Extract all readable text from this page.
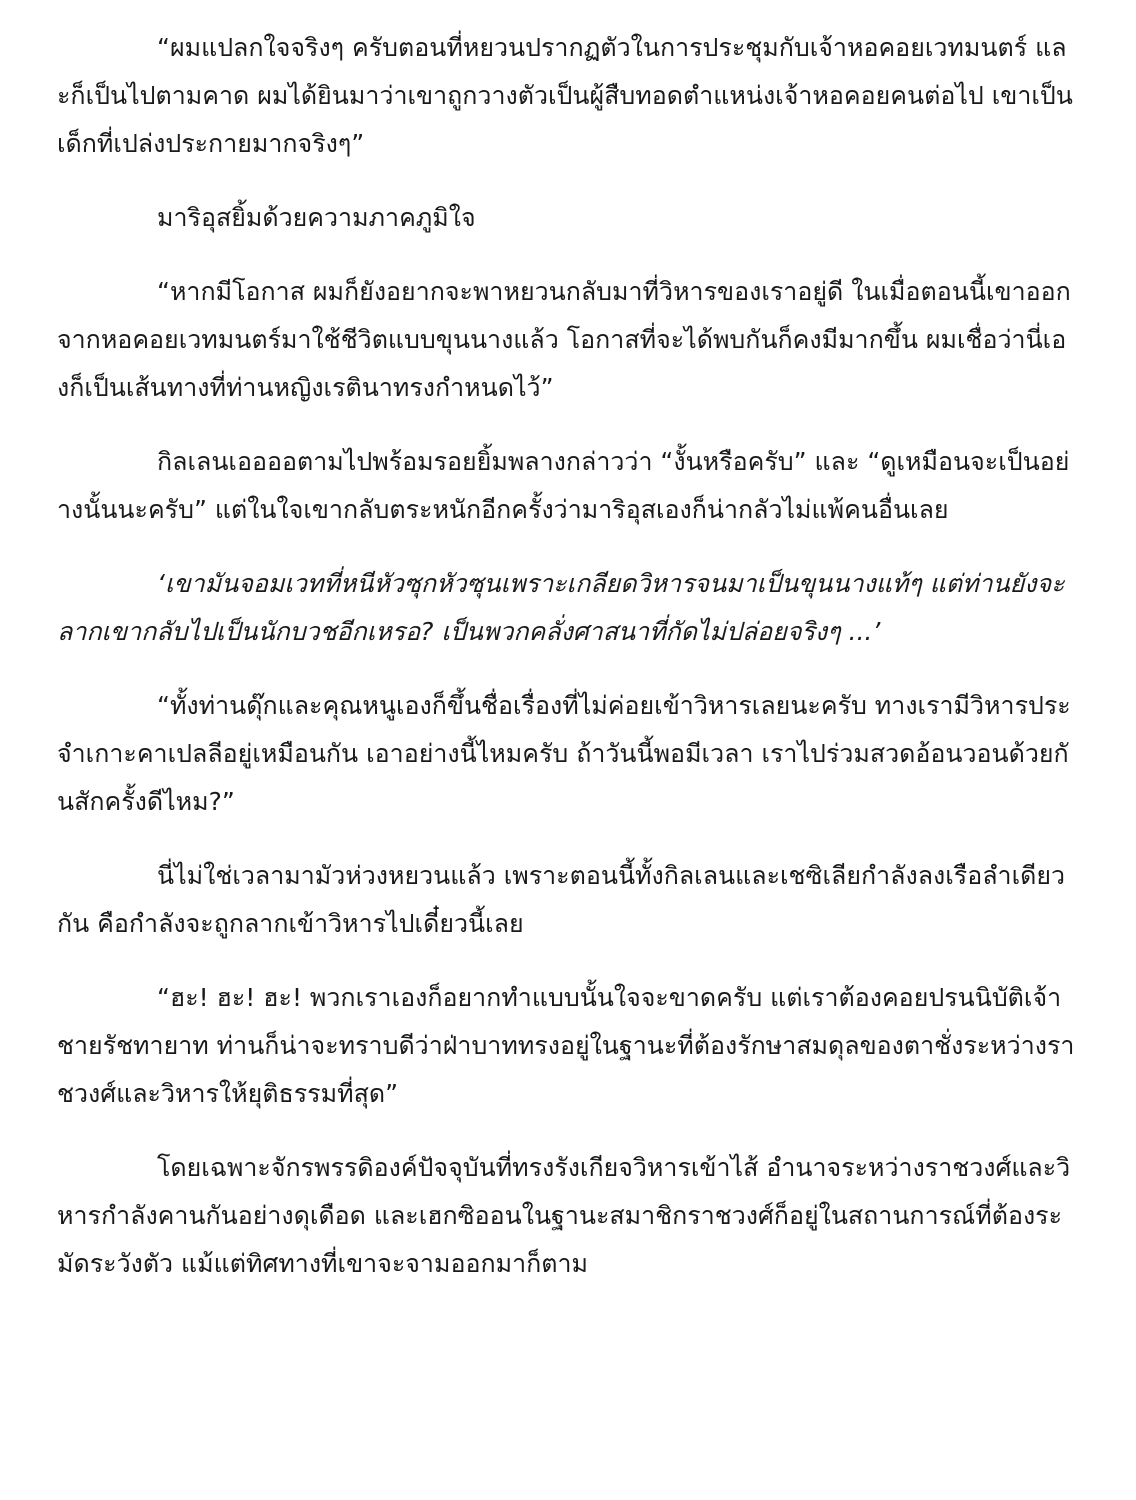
“ผมแปลกใจจริงๆ ครับตอนที่หยวนปรากฏตัวในการประชุมกับเจ้าหอคอยเวทมนตร์ และก็เป็นไปตามคาด ผมได้ยินมาว่าเขาถูกวางตัวเป็นผู้สืบทอดตำแหน่งเจ้าหอคอยคนต่อไป เขาเป็นเด็กที่เปล่งประกายมากจริงๆ”

มาริอุสยิ้มด้วยความภาคภูมิใจ

“หากมีโอกาส ผมก็ยังอยากจะพาหยวนกลับมาที่วิหารของเราอยู่ดี ในเมื่อตอนนี้เขาออกจากหอคอยเวทมนตร์มาใช้ชีวิตแบบขุนนางแล้ว โอกาสที่จะได้พบกันก็คงมีมากขึ้น ผมเชื่อว่านี่เองก็เป็นเส้นทางที่ท่านหญิงเรตินาทรงกำหนดไว้”

กิลเลนเออออตามไปพร้อมรอยยิ้มพลางกล่าวว่า “งั้นหรือครับ” และ “ดูเหมือนจะเป็นอย่างนั้นนะครับ” แต่ในใจเขากลับตระหนักอีกครั้งว่ามาริอุสเองก็น่ากลัวไม่แพ้คนอื่นเลย

‘เขามันจอมเวทที่หนีหัวซุกหัวซุนเพราะเกลียดวิหารจนมาเป็นขุนนางแท้ๆ แต่ท่านยังจะลากเขากลับไปเป็นนักบวชอีกเหรอ? เป็นพวกคลั่งศาสนาที่กัดไม่ปล่อยจริงๆ ...’

“ทั้งท่านดุ๊กและคุณหนูเองก็ขึ้นชื่อเรื่องที่ไม่ค่อยเข้าวิหารเลยนะครับ ทางเรามีวิหารประจำเกาะคาเปลลีอยู่เหมือนกัน เอาอย่างนี้ไหมครับ ถ้าวันนี้พอมีเวลา เราไปร่วมสวดอ้อนวอนด้วยกันสักครั้งดีไหม?”

นี่ไม่ใช่เวลามามัวห่วงหยวนแล้ว เพราะตอนนี้ทั้งกิลเลนและเชซิเลียกำลังลงเรือลำเดียวกัน คือกำลังจะถูกลากเข้าวิหารไปเดี๋ยวนี้เลย

“ฮะ! ฮะ! ฮะ! พวกเราเองก็อยากทำแบบนั้นใจจะขาดครับ แต่เราต้องคอยปรนนิบัติเจ้าชายรัชทายาท ท่านก็น่าจะทราบดีว่าฝ่าบาททรงอยู่ในฐานะที่ต้องรักษาสมดุลของตาชั่งระหว่างราชวงศ์และวิหารให้ยุติธรรมที่สุด”

โดยเฉพาะจักรพรรดิองค์ปัจจุบันที่ทรงรังเกียจวิหารเข้าไส้ อำนาจระหว่างราชวงศ์และวิหารกำลังคานกันอย่างดุเดือด และเฮกซิออนในฐานะสมาชิกราชวงศ์ก็อยู่ในสถานการณ์ที่ต้องระมัดระวังตัว แม้แต่ทิศทางที่เขาจะจามออกมาก็ตาม
